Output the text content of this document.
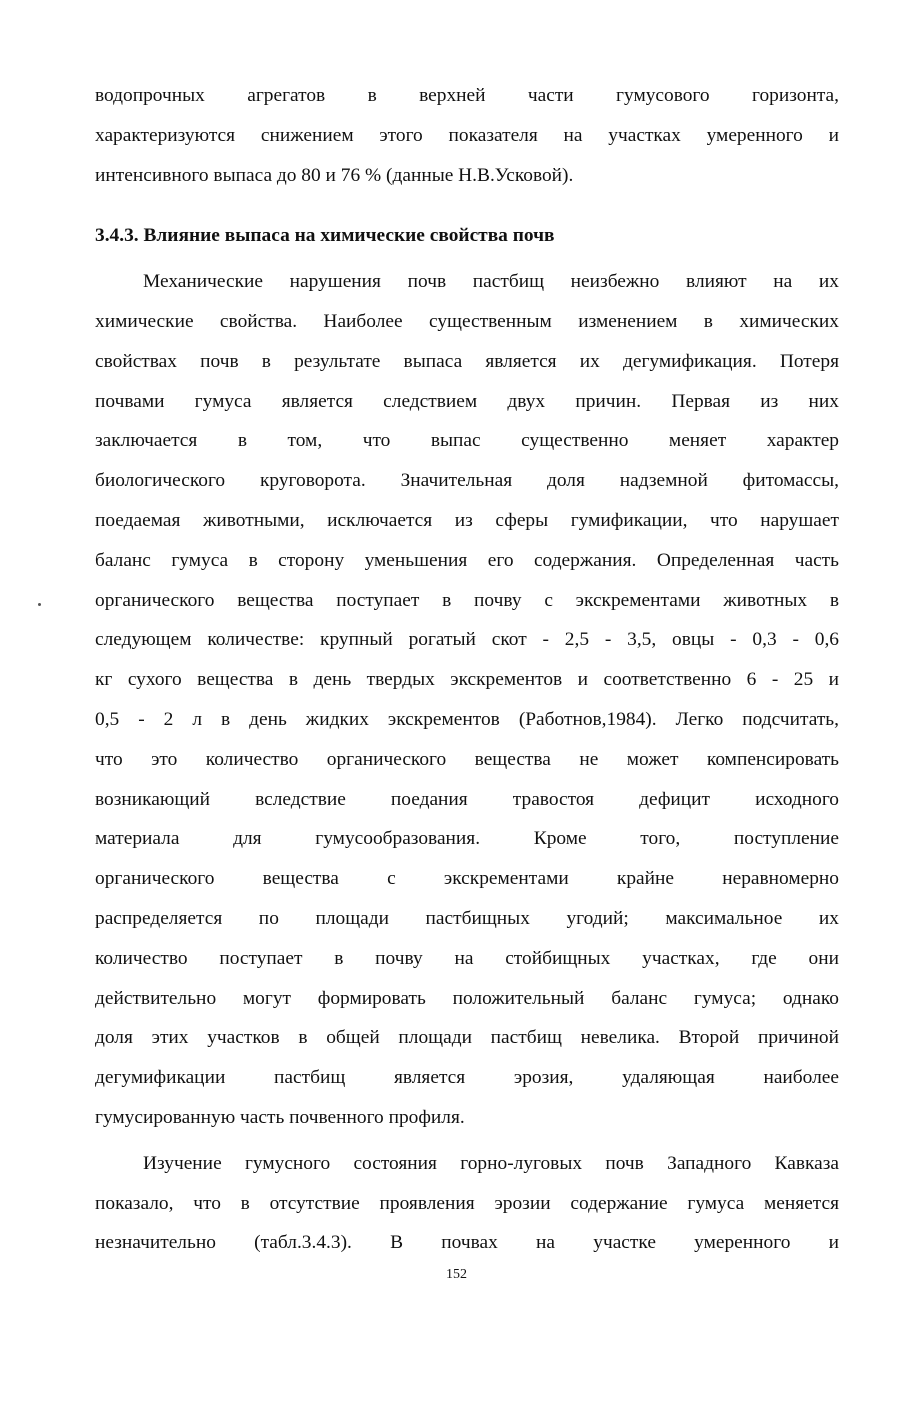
водопрочных агрегатов в верхней части гумусового горизонта,
характеризуются снижением этого показателя на участках умеренного и
интенсивного выпаса до 80 и 76 % (данные Н.В.Усковой).
3.4.3. Влияние выпаса на химические свойства почв
Механические нарушения почв пастбищ неизбежно влияют на их
химические свойства. Наиболее существенным изменением в химических
свойствах почв в результате выпаса является их дегумификация. Потеря
почвами гумуса является следствием двух причин. Первая из них
заключается в том, что выпас существенно меняет характер
биологического круговорота. Значительная доля надземной фитомассы,
поедаемая животными, исключается из сферы гумификации, что нарушает
баланс гумуса в сторону уменьшения его содержания. Определенная часть
органического вещества поступает в почву с экскрементами животных в
следующем количестве: крупный рогатый скот - 2,5 - 3,5, овцы - 0,3 - 0,6
кг сухого вещества в день твердых экскрементов и соответственно 6 - 25 и
0,5 - 2 л в день жидких экскрементов (Работнов,1984). Легко подсчитать,
что это количество органического вещества не может компенсировать
возникающий вследствие поедания травостоя дефицит исходного
материала для гумусообразования. Кроме того, поступление
органического вещества с экскрементами крайне неравномерно
распределяется по площади пастбищных угодий; максимальное их
количество поступает в почву на стойбищных участках, где они
действительно могут формировать положительный баланс гумуса; однако
доля этих участков в общей площади пастбищ невелика. Второй причиной
дегумификации пастбищ является эрозия, удаляющая наиболее
гумусированную часть почвенного профиля.
Изучение гумусного состояния горно-луговых почв Западного Кавказа
показало, что в отсутствие проявления эрозии содержание гумуса меняется
незначительно (табл.3.4.3). В почвах на участке умеренного и
152
